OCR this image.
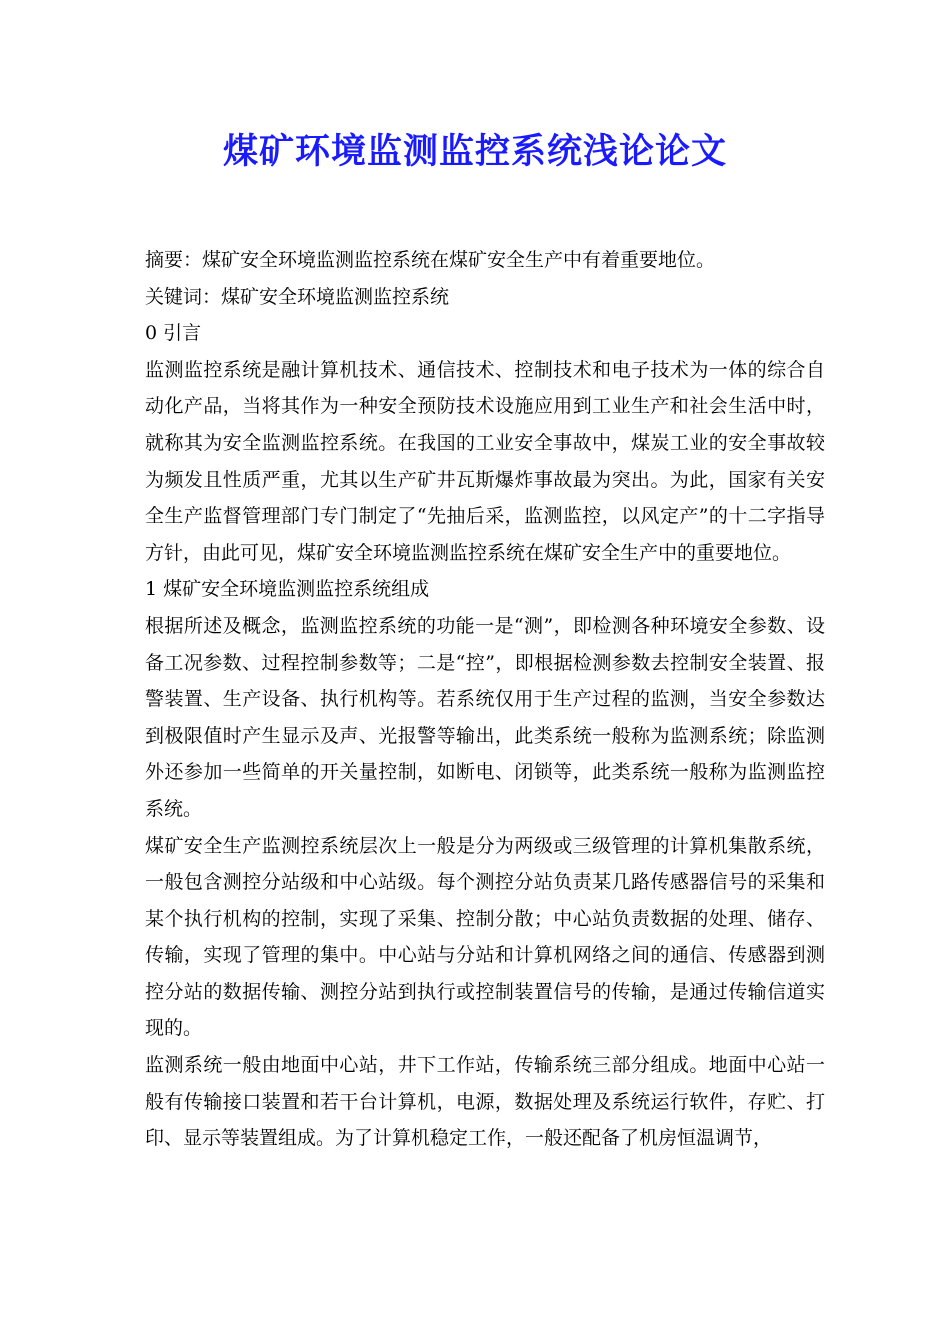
煤矿环境监测监控系统浅论论文

摘要：煤矿安全环境监测监控系统在煤矿安全生产中有着重要地位。

关键词：煤矿安全环境监测监控系统

0 引言

监测监控系统是融计算机技术、通信技术、控制技术和电子技术为一体的综合自动化产品，当将其作为一种安全预防技术设施应用到工业生产和社会生活中时，就称其为安全监测监控系统。在我国的工业安全事故中，煤炭工业的安全事故较为频发且性质严重，尤其以生产矿井瓦斯爆炸事故最为突出。为此，国家有关安全生产监督管理部门专门制定了“先抽后采，监测监控，以风定产”的十二字指导方针，由此可见，煤矿安全环境监测监控系统在煤矿安全生产中的重要地位。

1 煤矿安全环境监测监控系统组成

根据所述及概念，监测监控系统的功能一是“测”，即检测各种环境安全参数、设备工况参数、过程控制参数等；二是“控”，即根据检测参数去控制安全装置、报警装置、生产设备、执行机构等。若系统仅用于生产过程的监测，当安全参数达到极限值时产生显示及声、光报警等输出，此类系统一般称为监测系统；除监测外还参加一些简单的开关量控制，如断电、闭锁等，此类系统一般称为监测监控系统。

煤矿安全生产监测控系统层次上一般是分为两级或三级管理的计算机集散系统，一般包含测控分站级和中心站级。每个测控分站负责某几路传感器信号的采集和某个执行机构的控制，实现了采集、控制分散；中心站负责数据的处理、储存、传输，实现了管理的集中。中心站与分站和计算机网络之间的通信、传感器到测控分站的数据传输、测控分站到执行或控制装置信号的传输，是通过传输信道实现的。

监测系统一般由地面中心站，井下工作站，传输系统三部分组成。地面中心站一般有传输接口装置和若干台计算机，电源，数据处理及系统运行软件，存贮、打印、显示等装置组成。为了计算机稳定工作，一般还配备了机房恒温调节，
